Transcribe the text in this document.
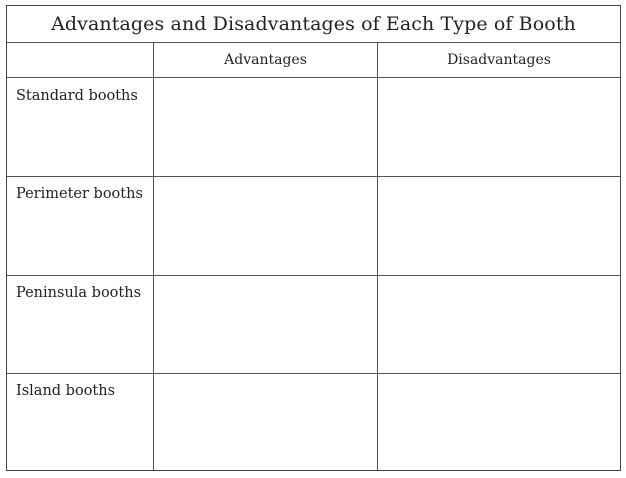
Advantages and Disadvantages of Each Type of Booth
Advantages	Disadvantages
Standard booths
Perimeter booths
Peninsula booths
Island booths
